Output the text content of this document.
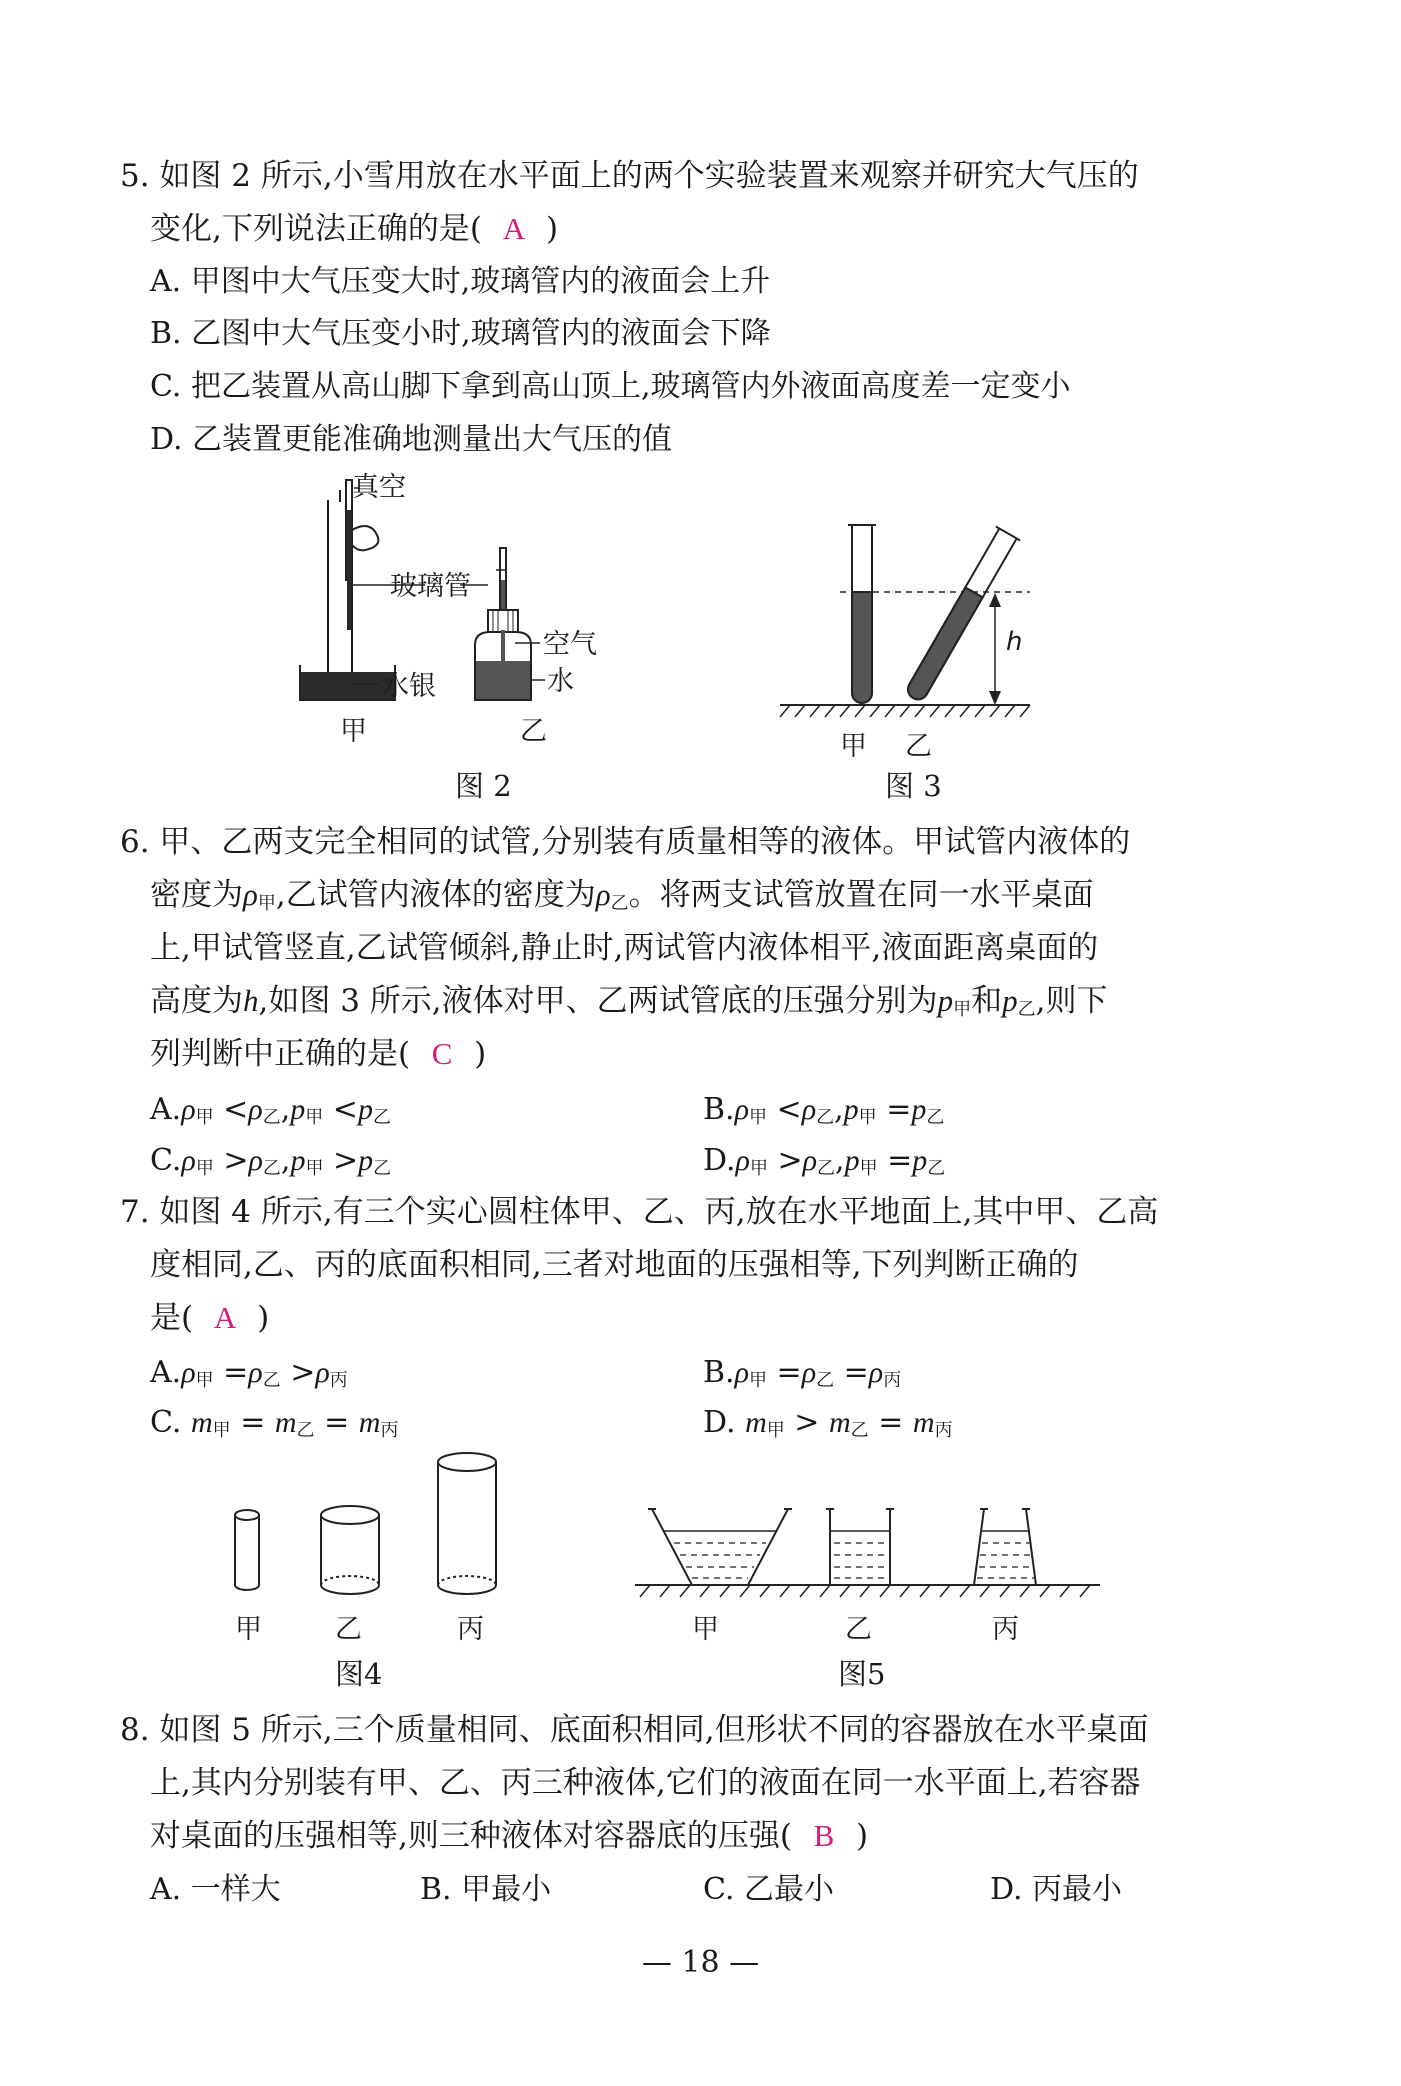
5. 如图 2 所示,小雪用放在水平面上的两个实验装置来观察并研究大气压的
变化,下列说法正确的是( A )
A. 甲图中大气压变大时,玻璃管内的液面会上升
B. 乙图中大气压变小时,玻璃管内的液面会下降
C. 把乙装置从高山脚下拿到高山顶上,玻璃管内外液面高度差一定变小
D. 乙装置更能准确地测量出大气压的值
真空
玻璃管
水银
空气
水
甲	乙
图 2
h
甲 乙
图 3
6. 甲、乙两支完全相同的试管,分别装有质量相等的液体。甲试管内液体的
密度为$\rho_甲$,乙试管内液体的密度为$\rho_乙$。将两支试管放置在同一水平桌面
上,甲试管竖直,乙试管倾斜,静止时,两试管内液体相平,液面距离桌面的
高度为h,如图 3 所示,液体对甲、乙两试管底的压强分别为$p_甲$和$p_乙$,则下
列判断中正确的是( C )
$A.\rho_甲 <\rho_乙,p_甲 <p_乙$	$B.\rho_甲 <\rho_乙,p_甲 =p_乙$
$C.\rho_甲 >\rho_乙,p_甲 >p_乙$	$D.\rho_甲 >\rho_乙,p_甲 =p_乙$
7. 如图 4 所示,有三个实心圆柱体甲、乙、丙,放在水平地面上,其中甲、乙高
度相同,乙、丙的底面积相同,三者对地面的压强相等,下列判断正确的
是( A )
$A.\rho_甲 =\rho_乙 >\rho_丙$	$B.\rho_甲 =\rho_乙 =\rho_丙$
C. $m_甲 = m_乙 = m_丙$	D. $m_甲 > m_乙 = m_丙$
甲	乙	丙
图4
甲	乙	丙
图5
8. 如图 5 所示,三个质量相同、底面积相同,但形状不同的容器放在水平桌面
上,其内分别装有甲、乙、丙三种液体,它们的液面在同一水平面上,若容器
对桌面的压强相等,则三种液体对容器底的压强( B )
A. 一样大	B. 甲最小	C. 乙最小	D. 丙最小
— 18 —
